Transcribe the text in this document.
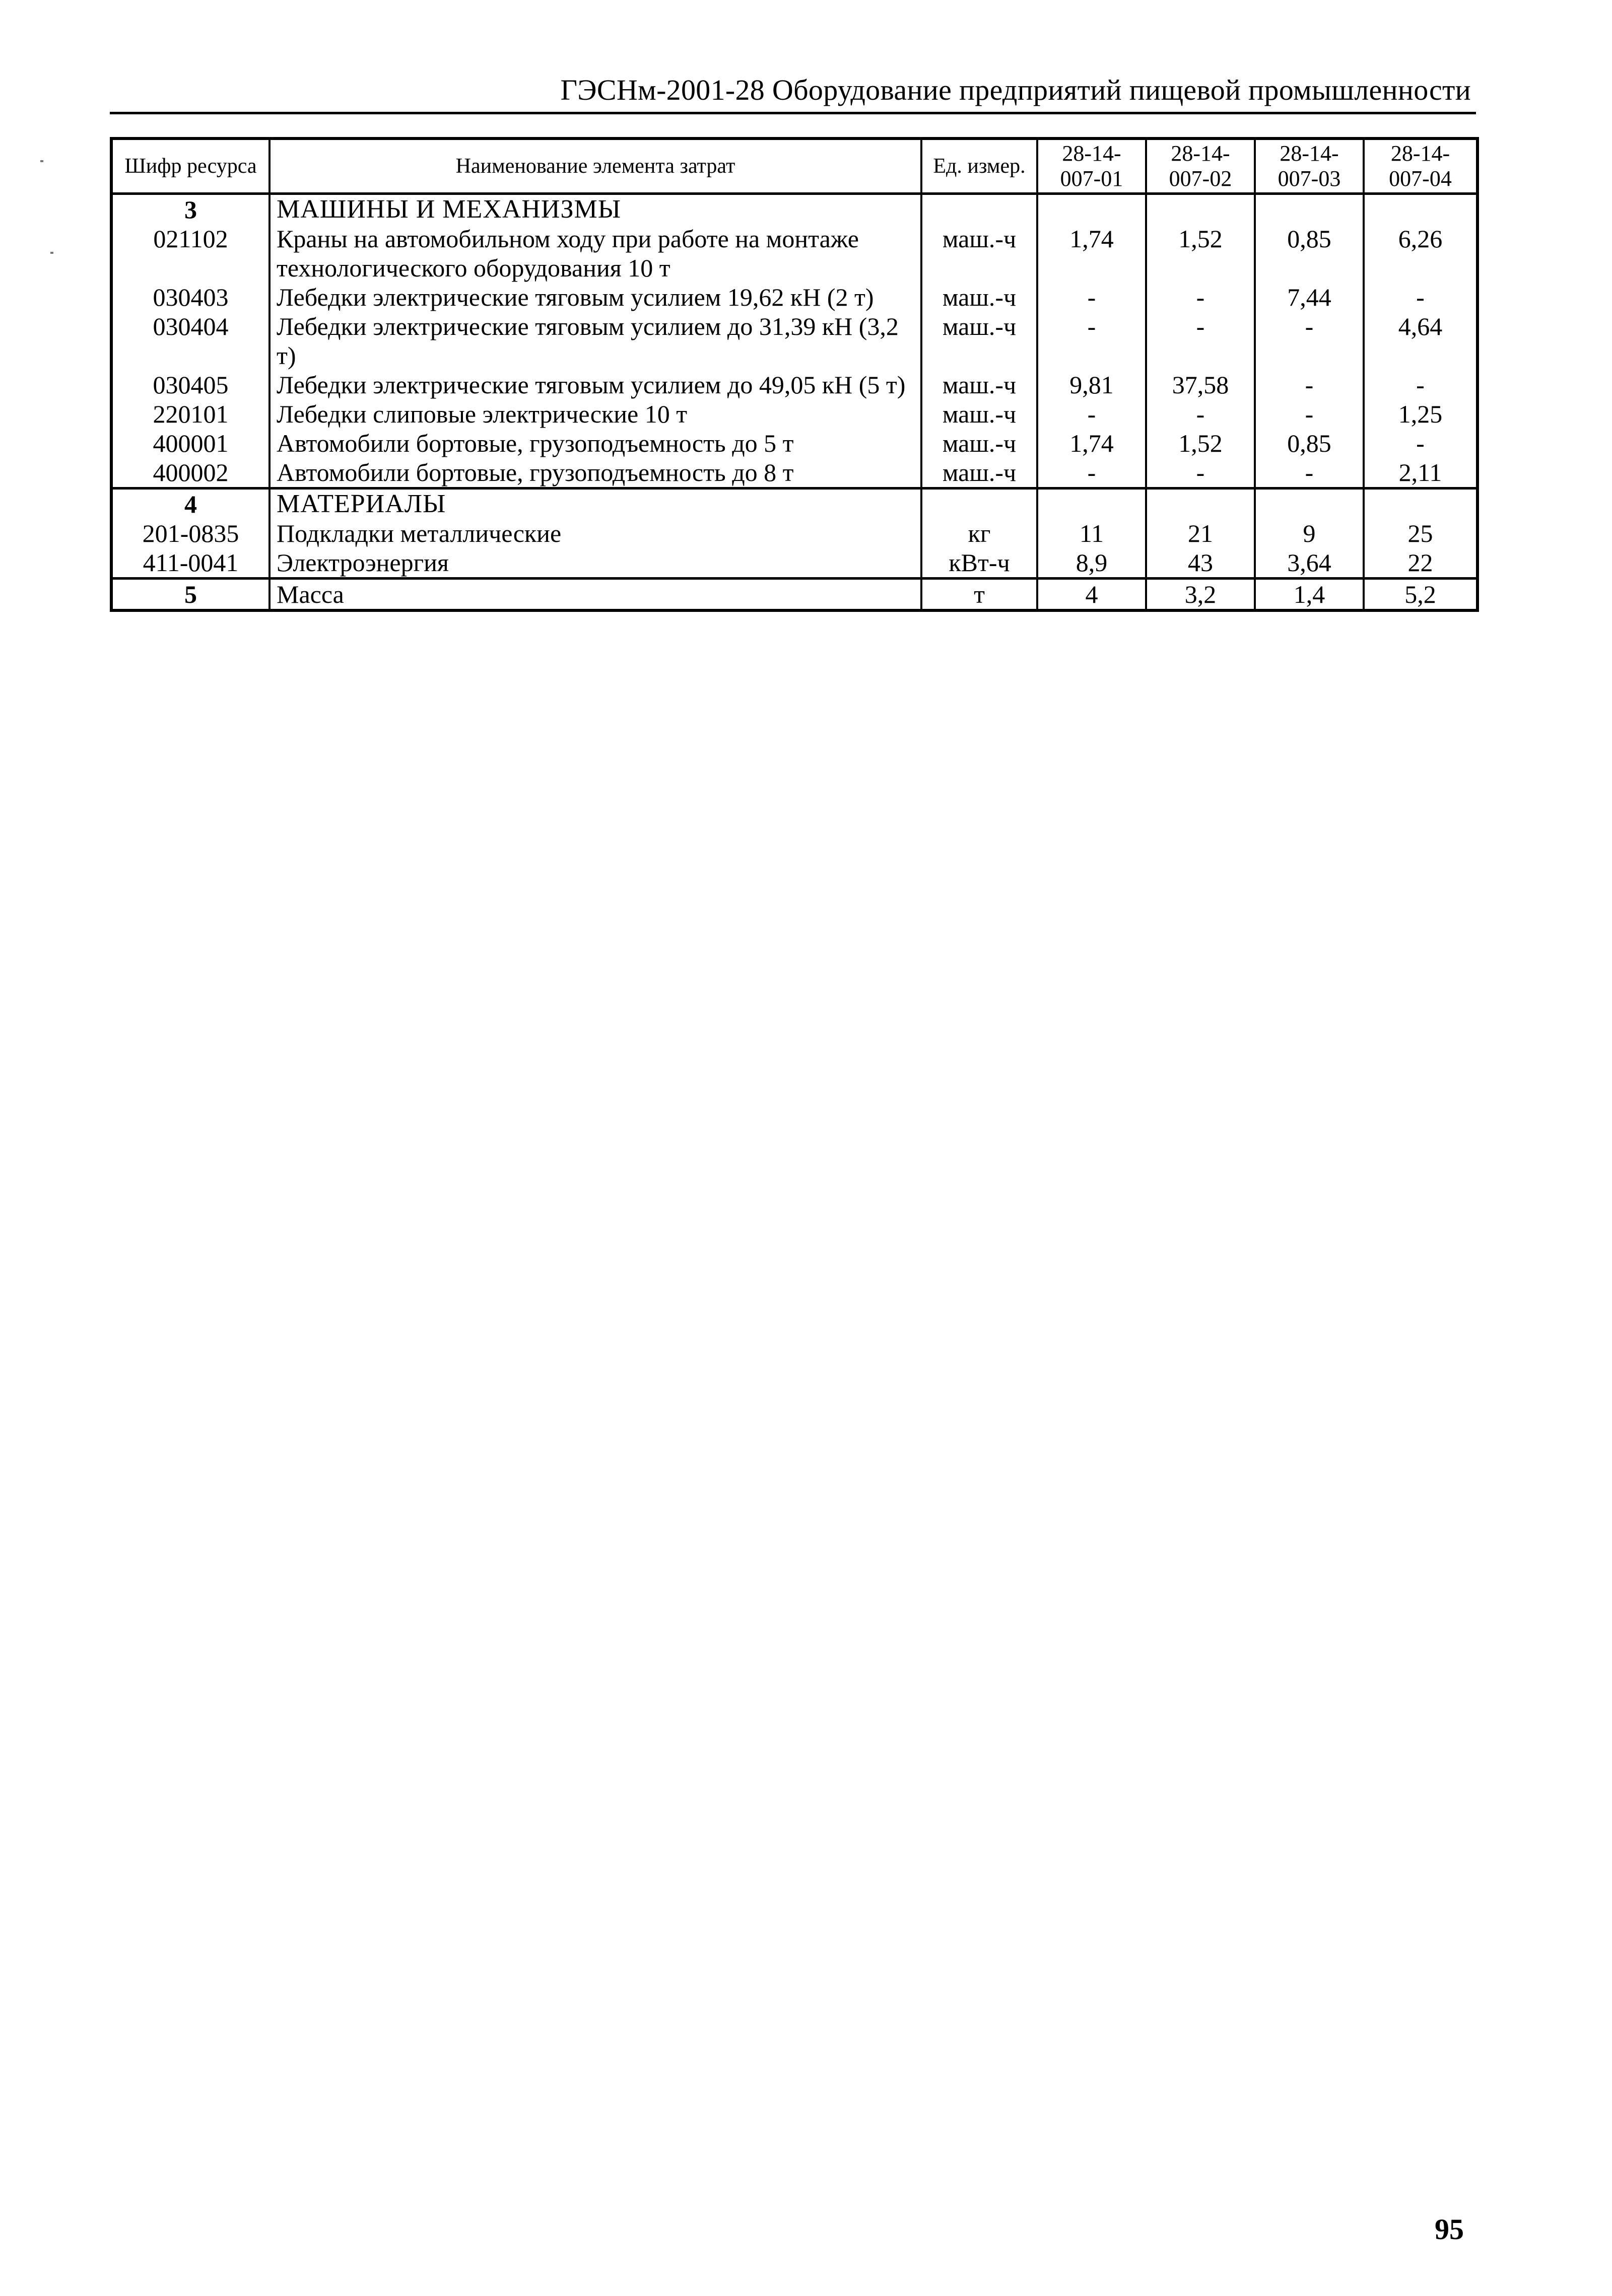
ГЭСНм-2001-28 Оборудование предприятий пищевой промышленности
Шифр ресурса	Наименование элемента затрат	Ед. измер.	28-14-007-01	28-14-007-02	28-14-007-03	28-14-007-04
3	МАШИНЫ И МЕХАНИЗМЫ					
021102	Краны на автомобильном ходу при работе на монтаже технологического оборудования 10 т	маш.-ч	1,74	1,52	0,85	6,26
030403	Лебедки электрические тяговым усилием 19,62 кН (2 т)	маш.-ч	-	-	7,44	-
030404	Лебедки электрические тяговым усилием до 31,39 кН (3,2 т)	маш.-ч	-	-	-	4,64
030405	Лебедки электрические тяговым усилием до 49,05 кН (5 т)	маш.-ч	9,81	37,58	-	-
220101	Лебедки слиповые электрические 10 т	маш.-ч	-	-	-	1,25
400001	Автомобили бортовые, грузоподъемность до 5 т	маш.-ч	1,74	1,52	0,85	-
400002	Автомобили бортовые, грузоподъемность до 8 т	маш.-ч	-	-	-	2,11
4	МАТЕРИАЛЫ					
201-0835	Подкладки металлические	кг	11	21	9	25
411-0041	Электроэнергия	кВт-ч	8,9	43	3,64	22
5	Масса	т	4	3,2	1,4	5,2
95
